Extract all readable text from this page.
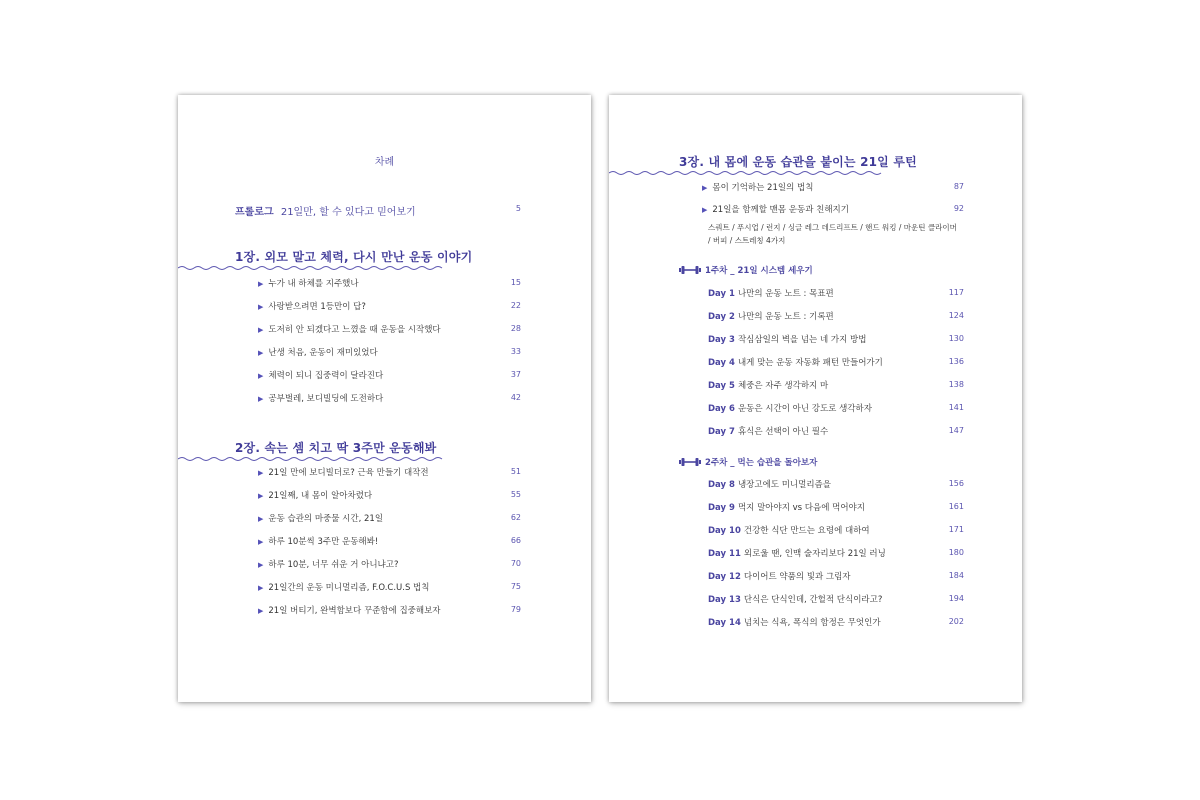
차례
프롤로그 21일만, 할 수 있다고 믿어보기	5
1장. 외모 말고 체력, 다시 만난 운동 이야기
▶ 누가 내 하체를 지주했나	15
▶ 사랑받으려면 1등만이 답?	22
▶ 도저히 안 되겠다고 느꼈을 때 운동을 시작했다	28
▶ 난생 처음, 운동이 재미있었다	33
▶ 체력이 되니 집중력이 달라진다	37
▶ 공부벌레, 보디빌딩에 도전하다	42
2장. 속는 셈 치고 딱 3주만 운동해봐
▶ 21일 만에 보디빌더로? 근육 만들기 대작전	51
▶ 21일째, 내 몸이 알아차렸다	55
▶ 운동 습관의 마중물 시간, 21일	62
▶ 하루 10분씩 3주만 운동해봐!	66
▶ 하루 10분, 너무 쉬운 거 아니냐고?	70
▶ 21일간의 운동 미니멀리즘, F.O.C.U.S 법칙	75
▶ 21일 버티기, 완벽함보다 꾸준함에 집중해보자	79
3장. 내 몸에 운동 습관을 붙이는 21일 루틴
▶ 몸이 기억하는 21일의 법칙	87
▶ 21일을 함께할 맨몸 운동과 친해지기	92
스쿼트 / 푸시업 / 런지 / 싱글 레그 데드리프트 / 핸드 워킹 / 마운틴 클라이머
/ 버피 / 스트레칭 4가지
1주차 _ 21일 시스템 세우기
Day 1 나만의 운동 노트 : 목표편	117
Day 2 나만의 운동 노트 : 기록편	124
Day 3 작심삼일의 벽을 넘는 네 가지 방법	130
Day 4 내게 맞는 운동 자동화 패턴 만들어가기	136
Day 5 체중은 자주 생각하지 마	138
Day 6 운동은 시간이 아닌 강도로 생각하자	141
Day 7 휴식은 선택이 아닌 필수	147
2주차 _ 먹는 습관을 돌아보자
Day 8 냉장고에도 미니멀리즘을	156
Day 9 먹지 말아야지 vs 다음에 먹어야지	161
Day 10 건강한 식단 만드는 요령에 대하여	171
Day 11 외로울 땐, 인맥 술자리보다 21일 러닝	180
Day 12 다이어트 약품의 빛과 그림자	184
Day 13 단식은 단식인데, 간헐적 단식이라고?	194
Day 14 넘치는 식욕, 폭식의 함정은 무엇인가	202
